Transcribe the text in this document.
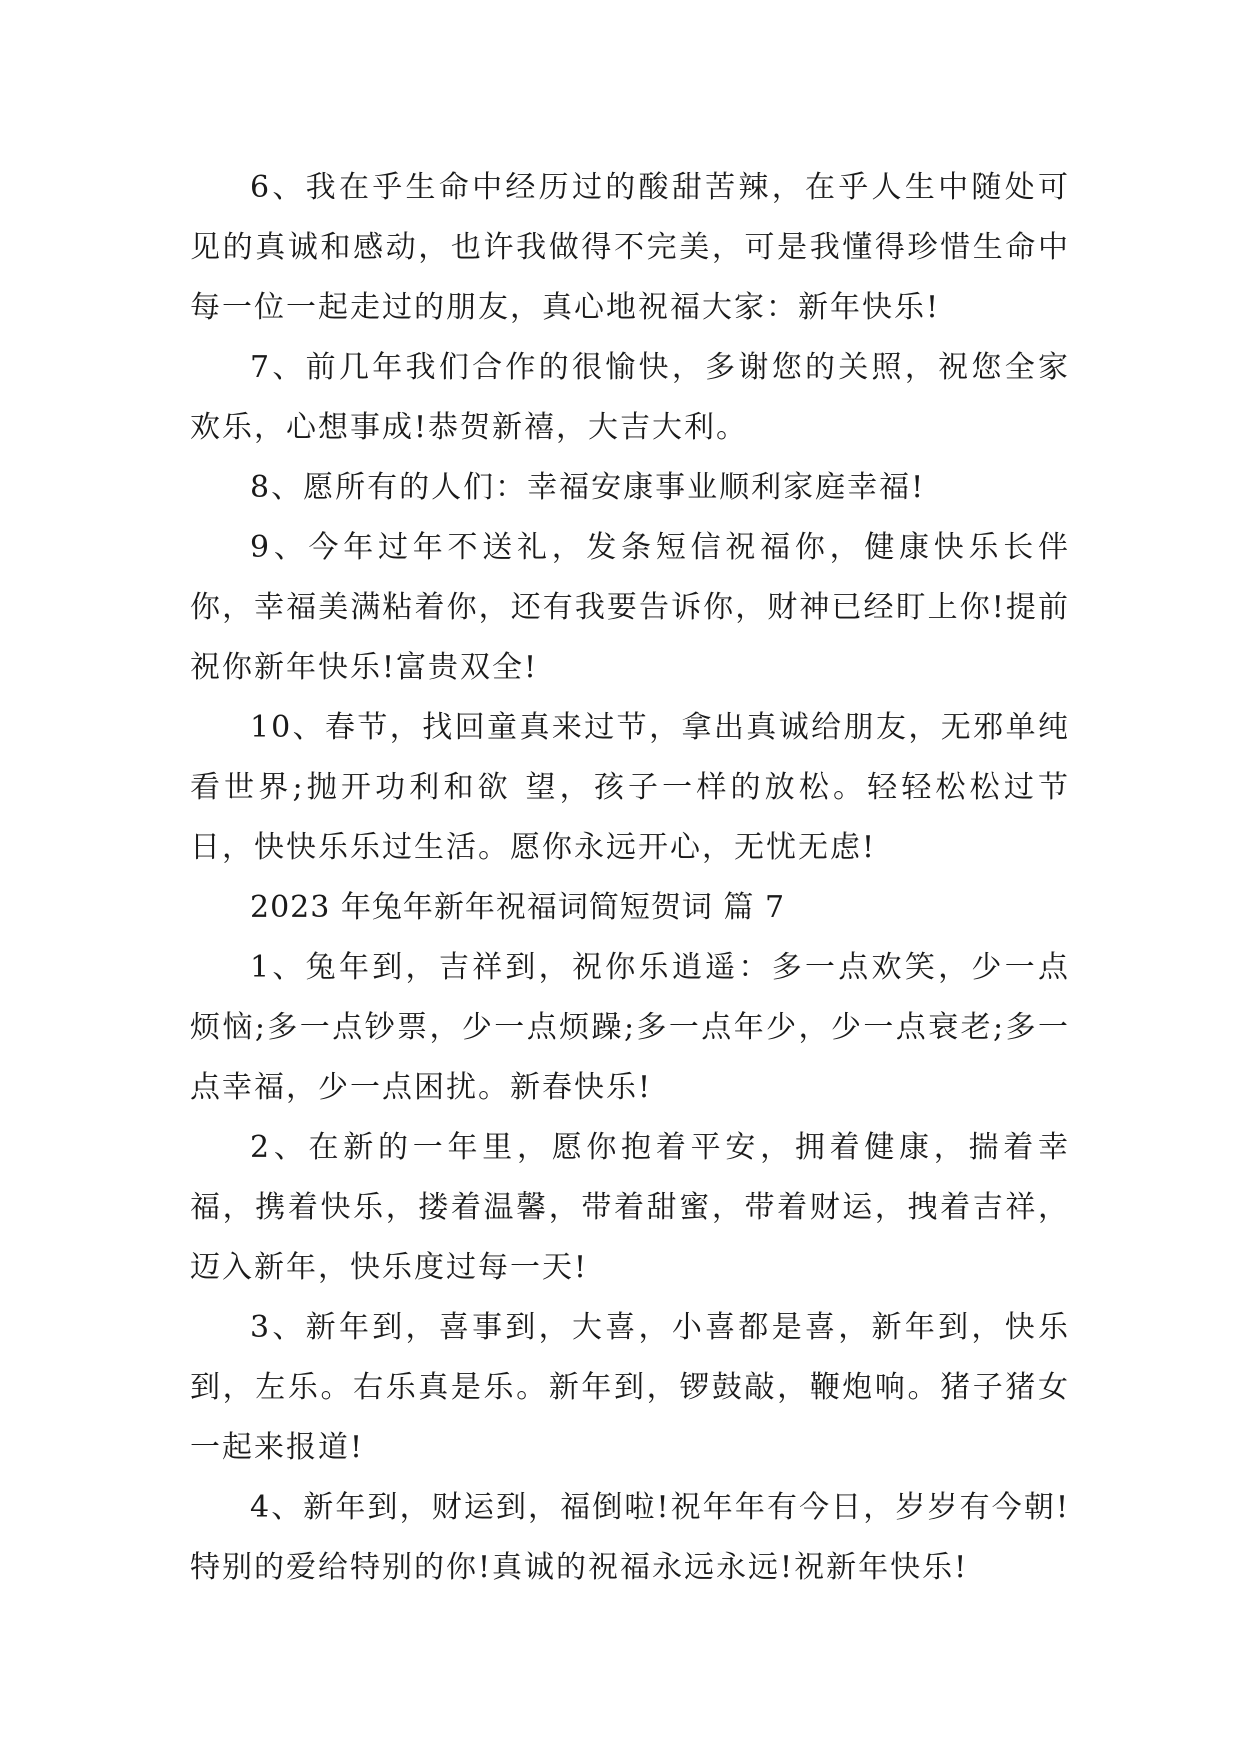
6、我在乎生命中经历过的酸甜苦辣，在乎人生中随处可见的真诚和感动，也许我做得不完美，可是我懂得珍惜生命中每一位一起走过的朋友，真心地祝福大家：新年快乐!

7、前几年我们合作的很愉快，多谢您的关照，祝您全家欢乐，心想事成!恭贺新禧，大吉大利。

8、愿所有的人们：幸福安康事业顺利家庭幸福!

9、今年过年不送礼，发条短信祝福你，健康快乐长伴你，幸福美满粘着你，还有我要告诉你，财神已经盯上你!提前祝你新年快乐!富贵双全!

10、春节，找回童真来过节，拿出真诚给朋友，无邪单纯看世界;抛开功利和欲 望，孩子一样的放松。轻轻松松过节日，快快乐乐过生活。愿你永远开心，无忧无虑!

2023 年兔年新年祝福词简短贺词 篇 7

1、兔年到，吉祥到，祝你乐逍遥：多一点欢笑，少一点烦恼;多一点钞票，少一点烦躁;多一点年少，少一点衰老;多一点幸福，少一点困扰。新春快乐!

2、在新的一年里，愿你抱着平安，拥着健康，揣着幸福，携着快乐，搂着温馨，带着甜蜜，带着财运，拽着吉祥，迈入新年，快乐度过每一天!

3、新年到，喜事到，大喜，小喜都是喜，新年到，快乐到，左乐。右乐真是乐。新年到，锣鼓敲，鞭炮响。猪子猪女一起来报道!

4、新年到，财运到，福倒啦!祝年年有今日，岁岁有今朝!特别的爱给特别的你!真诚的祝福永远永远!祝新年快乐!
